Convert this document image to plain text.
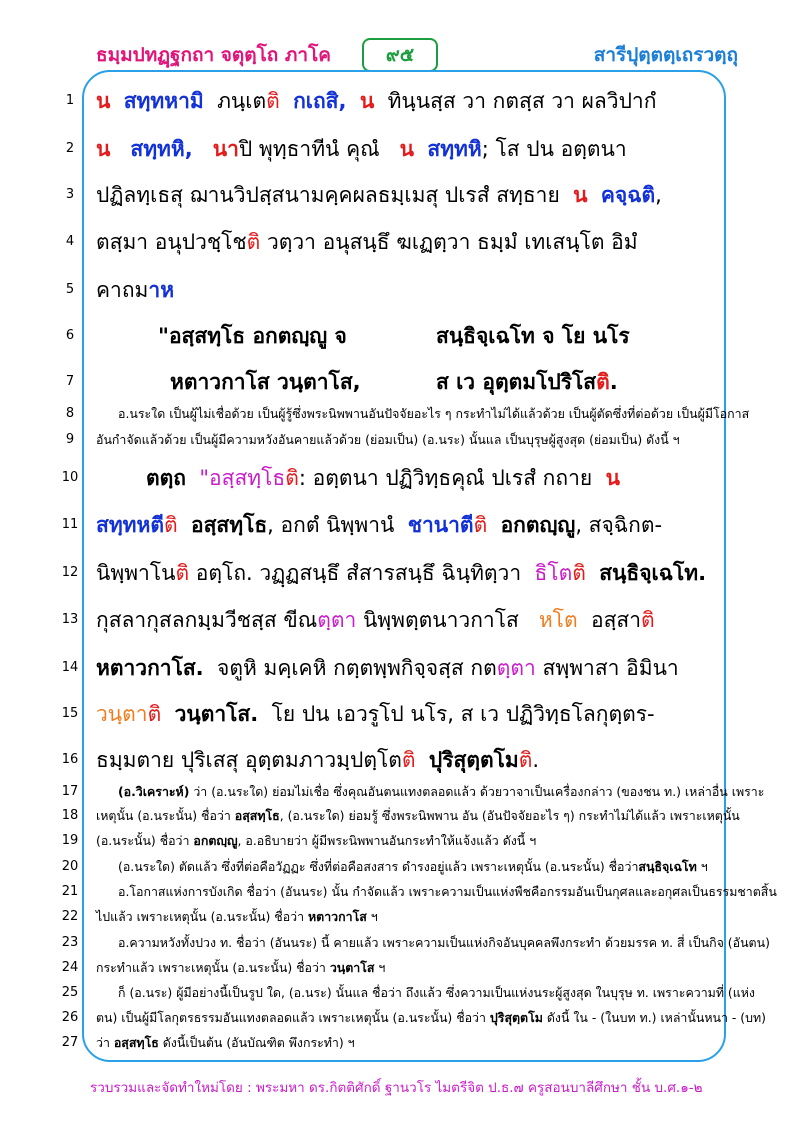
ธมฺมปทฏฺฐกถา จตุตฺโถ ภาโค	๙๕	สารีปุตฺตตฺเถรวตฺถุ
1
2
3
4
5
6
7
8
9
10
11
12
13
14
15
16
17
18
19
20
21
22
23
24
25
26
27
น สทฺทหามิ ภนฺเตติ กเถสิ, น ทินฺนสฺส วา กตสฺส วา ผลวิปากํ
น สทฺทหิ, นาปิ พุทฺธาทีนํ คุณํ น สทฺทหิ; โส ปน อตฺตนา
ปฏิลทฺเธสุ ฌานวิปสฺสนามคฺคผลธมฺเมสุ ปเรสํ สทฺธาย น คจฺฉติ,
ตสฺมา อนุปวชฺโชติ วตฺวา อนุสนฺธึ ฆเฏตฺวา ธมฺมํ เทเสนฺโต อิมํ
คาถมาห
"อสฺสทฺโธ อกตญฺญู จ	สนฺธิจฺเฉโท จ โย นโร
หตาวกาโส วนฺตาโส,	ส เว อุตฺตมโปริโสติ.
อ.นระใด เป็นผู้ไม่เชื่อด้วย เป็นผู้รู้ซึ่งพระนิพพานอันปัจจัยอะไร ๆ กระทำไม่ได้แล้วด้วย เป็นผู้ตัดซึ่งที่ต่อด้วย เป็นผู้มีโอกาส
อันกำจัดแล้วด้วย เป็นผู้มีความหวังอันคายแล้วด้วย (ย่อมเป็น) (อ.นระ) นั้นแล เป็นบุรุษผู้สูงสุด (ย่อมเป็น) ดังนี้ ฯ
ตตฺถ "อสฺสทฺโธติ: อตฺตนา ปฏิวิทฺธคุณํ ปเรสํ กถาย น
สทฺทหตีติ อสฺสทฺโธ, อกตํ นิพฺพานํ ชานาตีติ อกตญฺญู, สจฺฉิกต-
นิพฺพาโนติ อตฺโถ. วฏฺฏสนฺธึ สํสารสนฺธึ ฉินฺทิตฺวา ธิโตติ สนฺธิจฺเฉโท.
กุสลากุสลกมฺมวีชสฺส ขีณตฺตา นิพฺพตฺตนาวกาโส หโต อสฺสาติ
หตาวกาโส. จตูหิ มคฺเคหิ กตฺตพฺพกิจฺจสฺส กตตฺตา สพฺพาสา อิมินา
วนฺตาติ วนฺตาโส. โย ปน เอวรูโป นโร, ส เว ปฏิวิทฺธโลกุตฺตร-
ธมฺมตาย ปุริเสสุ อุตฺตมภาวมฺปตฺโตติ ปุริสุตฺตโมติ.
(อ.วิเคราะห์) ว่า (อ.นระใด) ย่อมไม่เชื่อ ซึ่งคุณอันตนแทงตลอดแล้ว ด้วยวาจาเป็นเครื่องกล่าว (ของชน ท.) เหล่าอื่น เพราะ
เหตุนั้น (อ.นระนั้น) ชื่อว่า อสฺสทฺโธ, (อ.นระใด) ย่อมรู้ ซึ่งพระนิพพาน อัน (อันปัจจัยอะไร ๆ) กระทำไม่ได้แล้ว เพราะเหตุนั้น
(อ.นระนั้น) ชื่อว่า อกตญฺญู, อ.อธิบายว่า ผู้มีพระนิพพานอันกระทำให้แจ้งแล้ว ดังนี้ ฯ
(อ.นระใด) ตัดแล้ว ซึ่งที่ต่อคือวัฏฏะ ซึ่งที่ต่อคือสงสาร ดำรงอยู่แล้ว เพราะเหตุนั้น (อ.นระนั้น) ชื่อว่าสนฺธิจฺเฉโท ฯ
อ.โอกาสแห่งการบังเกิด ชื่อว่า (อันนระ) นั้น กำจัดแล้ว เพราะความเป็นแห่งพืชคือกรรมอันเป็นกุศลและอกุศลเป็นธรรมชาตสิ้น
ไปแล้ว เพราะเหตุนั้น (อ.นระนั้น) ชื่อว่า หตาวกาโส ฯ
อ.ความหวังทั้งปวง ท. ชื่อว่า (อันนระ) นี้ คายแล้ว เพราะความเป็นแห่งกิจอันบุคคลพึงกระทำ ด้วยมรรค ท. สี่ เป็นกิจ (อันตน)
กระทำแล้ว เพราะเหตุนั้น (อ.นระนั้น) ชื่อว่า วนฺตาโส ฯ
ก็ (อ.นระ) ผู้มีอย่างนี้เป็นรูป ใด, (อ.นระ) นั้นแล ชื่อว่า ถึงแล้ว ซึ่งความเป็นแห่งนระผู้สูงสุด ในบุรุษ ท. เพราะความที่ (แห่ง
ตน) เป็นผู้มีโลกุตรธรรมอันแทงตลอดแล้ว เพราะเหตุนั้น (อ.นระนั้น) ชื่อว่า ปุริสุตฺตโม ดังนี้ ใน - (ในบท ท.) เหล่านั้นหนา - (บท)
ว่า อสฺสทฺโธ ดังนี้เป็นต้น (อันบัณฑิต พึงกระทำ) ฯ
รวบรวมและจัดทำใหม่โดย : พระมหา ดร.กิตติศักดิ์ ฐานวโร ไมตรีจิต ป.ธ.๗ ครูสอนบาลีศึกษา ชั้น บ.ศ.๑-๒
